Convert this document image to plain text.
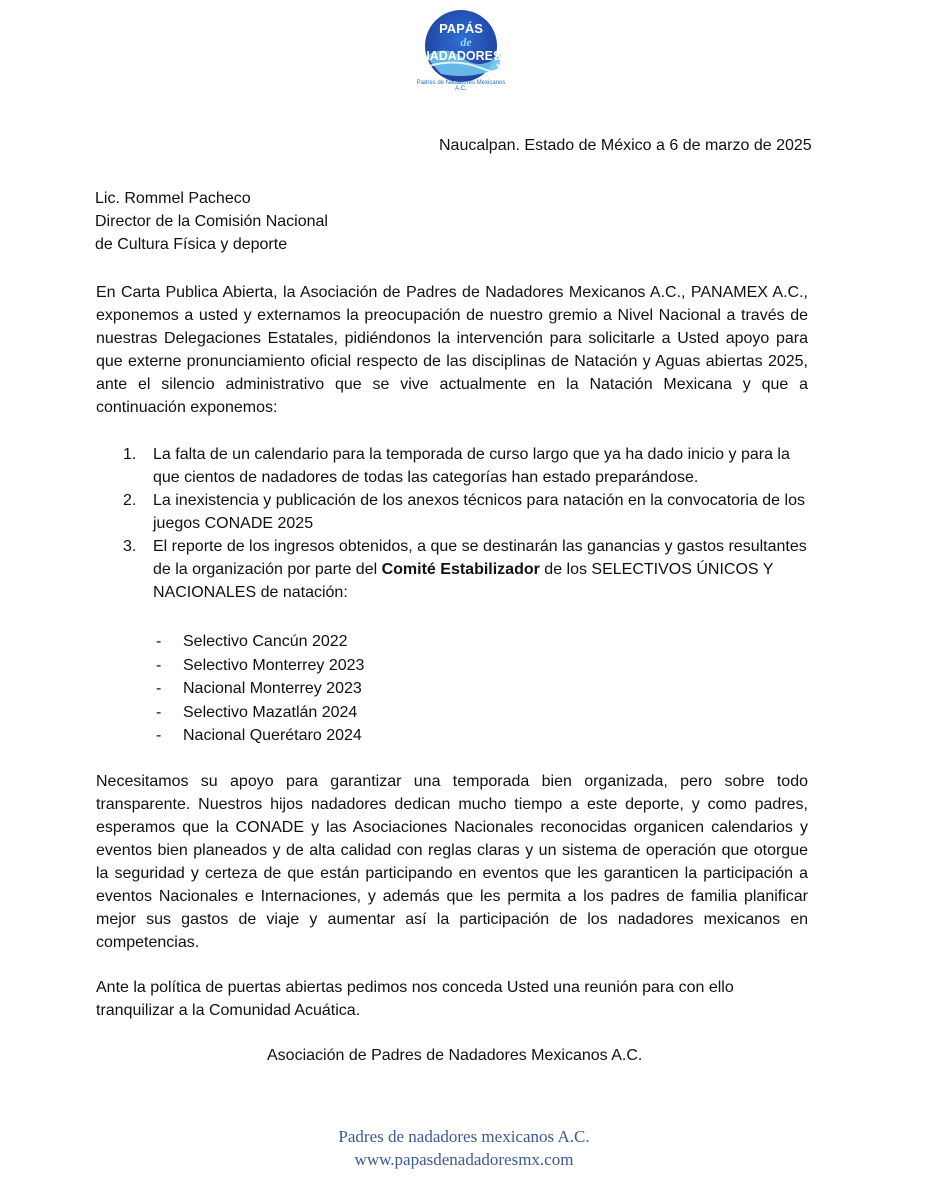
PAPÁS
de
NADADORES
Padres de Nadadores Mexicanos A.C.
Naucalpan. Estado de México a 6 de marzo de 2025
Lic. Rommel Pacheco
Director de la Comisión Nacional
de Cultura Física y deporte
En Carta Publica Abierta, la Asociación de Padres de Nadadores Mexicanos A.C., PANAMEX A.C., exponemos a usted y externamos la preocupación de nuestro gremio a Nivel Nacional a través de nuestras Delegaciones Estatales, pidiéndonos la intervención para solicitarle a Usted apoyo para que externe pronunciamiento oficial respecto de las disciplinas de Natación y Aguas abiertas 2025, ante el silencio administrativo que se vive actualmente en la Natación Mexicana y que a continuación exponemos:
1. La falta de un calendario para la temporada de curso largo que ya ha dado inicio y para la que cientos de nadadores de todas las categorías han estado preparándose.
2. La inexistencia y publicación de los anexos técnicos para natación en la convocatoria de los juegos CONADE 2025
3. El reporte de los ingresos obtenidos, a que se destinarán las ganancias y gastos resultantes de la organización por parte del Comité Estabilizador de los SELECTIVOS ÚNICOS Y NACIONALES de natación:
- Selectivo Cancún 2022
- Selectivo Monterrey 2023
- Nacional Monterrey 2023
- Selectivo Mazatlán 2024
- Nacional Querétaro 2024
Necesitamos su apoyo para garantizar una temporada bien organizada, pero sobre todo transparente. Nuestros hijos nadadores dedican mucho tiempo a este deporte, y como padres, esperamos que la CONADE y las Asociaciones Nacionales reconocidas organicen calendarios y eventos bien planeados y de alta calidad con reglas claras y un sistema de operación que otorgue la seguridad y certeza de que están participando en eventos que les garanticen la participación a eventos Nacionales e Internaciones, y además que les permita a los padres de familia planificar mejor sus gastos de viaje y aumentar así la participación de los nadadores mexicanos en competencias.
Ante la política de puertas abiertas pedimos nos conceda Usted una reunión para con ello
tranquilizar a la Comunidad Acuática.
Asociación de Padres de Nadadores Mexicanos A.C.
Padres de nadadores mexicanos A.C.
www.papasdenadadoresmx.com
